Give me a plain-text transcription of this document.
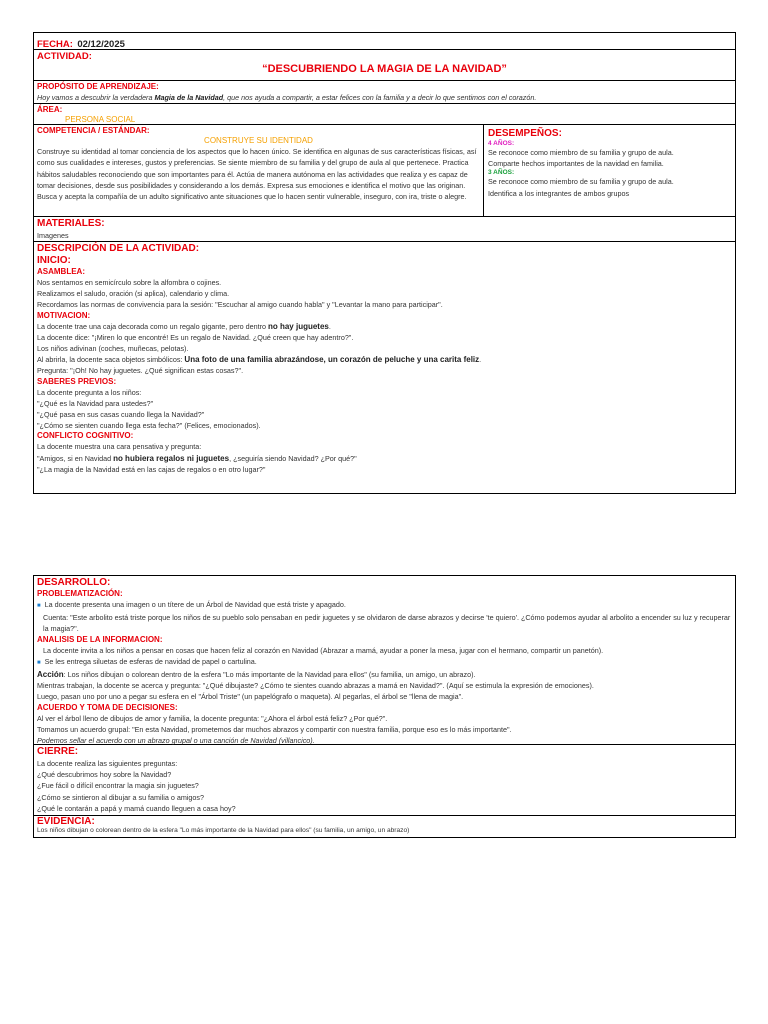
FECHA: 02/12/2025
ACTIVIDAD:
“DESCUBRIENDO LA MAGIA DE LA NAVIDAD”
PROPÓSITO DE APRENDIZAJE:
Hoy vamos a descubrir la verdadera Magia de la Navidad, que nos ayuda a compartir, a estar felices con la familia y a decir lo que sentimos con el corazón.
ÁREA:
PERSONA SOCIAL
COMPETENCIA / ESTÁNDAR:
CONSTRUYE SU IDENTIDAD
Construye su identidad al tomar conciencia de los aspectos que lo hacen único. Se identifica en algunas de sus características físicas, así como sus cualidades e intereses, gustos y preferencias. Se siente miembro de su familia y del grupo de aula al que pertenece. Practica hábitos saludables reconociendo que son importantes para él. Actúa de manera autónoma en las actividades que realiza y es capaz de tomar decisiones, desde sus posibilidades y considerando a los demás. Expresa sus emociones e identifica el motivo que las originan. Busca y acepta la compañía de un adulto significativo ante situaciones que lo hacen sentir vulnerable, inseguro, con ira, triste o alegre.
DESEMPEÑOS:
4 AÑOS:
Se reconoce como miembro de su familia y grupo de aula.
Comparte hechos importantes de la navidad en familia.
3 AÑOS:
Se reconoce como miembro de su familia y grupo de aula.
Identifica a los integrantes de ambos grupos
MATERIALES:
Imagenes
DESCRIPCIÓN DE LA ACTIVIDAD:
INICIO:
ASAMBLEA:
Nos sentamos en semicírculo sobre la alfombra o cojines.
Realizamos el saludo, oración (si aplica), calendario y clima.
Recordamos las normas de convivencia para la sesión: "Escuchar al amigo cuando habla" y "Levantar la mano para participar".
MOTIVACION:
La docente trae una caja decorada como un regalo gigante, pero dentro no hay juguetes.
La docente dice: "¡Miren lo que encontré! Es un regalo de Navidad. ¿Qué creen que hay adentro?".
Los niños adivinan (coches, muñecas, pelotas).
Al abrirla, la docente saca objetos simbólicos: Una foto de una familia abrazándose, un corazón de peluche y una carita feliz.
Pregunta: "¡Oh! No hay juguetes. ¿Qué significan estas cosas?".
SABERES PREVIOS:
La docente pregunta a los niños:
"¿Qué es la Navidad para ustedes?"
"¿Qué pasa en sus casas cuando llega la Navidad?"
"¿Cómo se sienten cuando llega esta fecha?" (Felices, emocionados).
CONFLICTO COGNITIVO:
La docente muestra una cara pensativa y pregunta:
"Amigos, si en Navidad no hubiera regalos ni juguetes, ¿seguiría siendo Navidad? ¿Por qué?"
"¿La magia de la Navidad está en las cajas de regalos o en otro lugar?"
DESARROLLO:
PROBLEMATIZACIÓN:
■ La docente presenta una imagen o un títere de un Árbol de Navidad que está triste y apagado.
Cuenta: "Este arbolito está triste porque los niños de su pueblo solo pensaban en pedir juguetes y se olvidaron de darse abrazos y decirse 'te quiero'. ¿Cómo podemos ayudar al arbolito a encender su luz y recuperar la magia?".
ANALISIS DE LA INFORMACION:
La docente invita a los niños a pensar en cosas que hacen feliz al corazón en Navidad (Abrazar a mamá, ayudar a poner la mesa, jugar con el hermano, compartir un panetón).
■ Se les entrega siluetas de esferas de navidad de papel o cartulina.
Acción: Los niños dibujan o colorean dentro de la esfera "Lo más importante de la Navidad para ellos" (su familia, un amigo, un abrazo).
Mientras trabajan, la docente se acerca y pregunta: "¿Qué dibujaste? ¿Cómo te sientes cuando abrazas a mamá en Navidad?". (Aquí se estimula la expresión de emociones).
Luego, pasan uno por uno a pegar su esfera en el "Árbol Triste" (un papelógrafo o maqueta). Al pegarlas, el árbol se "llena de magia".
ACUERDO Y TOMA DE DECISIONES:
Al ver el árbol lleno de dibujos de amor y familia, la docente pregunta: "¿Ahora el árbol está feliz? ¿Por qué?".
Tomamos un acuerdo grupal: "En esta Navidad, prometemos dar muchos abrazos y compartir con nuestra familia, porque eso es lo más importante".
Podemos sellar el acuerdo con un abrazo grupal o una canción de Navidad (villancico).
CIERRE:
La docente realiza las siguientes preguntas:
¿Qué descubrimos hoy sobre la Navidad?
¿Fue fácil o difícil encontrar la magia sin juguetes?
¿Cómo se sintieron al dibujar a su familia o amigos?
¿Qué le contarán a papá y mamá cuando lleguen a casa hoy?
EVIDENCIA:
Los niños dibujan o colorean dentro de la esfera "Lo más importante de la Navidad para ellos" (su familia, un amigo, un abrazo)
